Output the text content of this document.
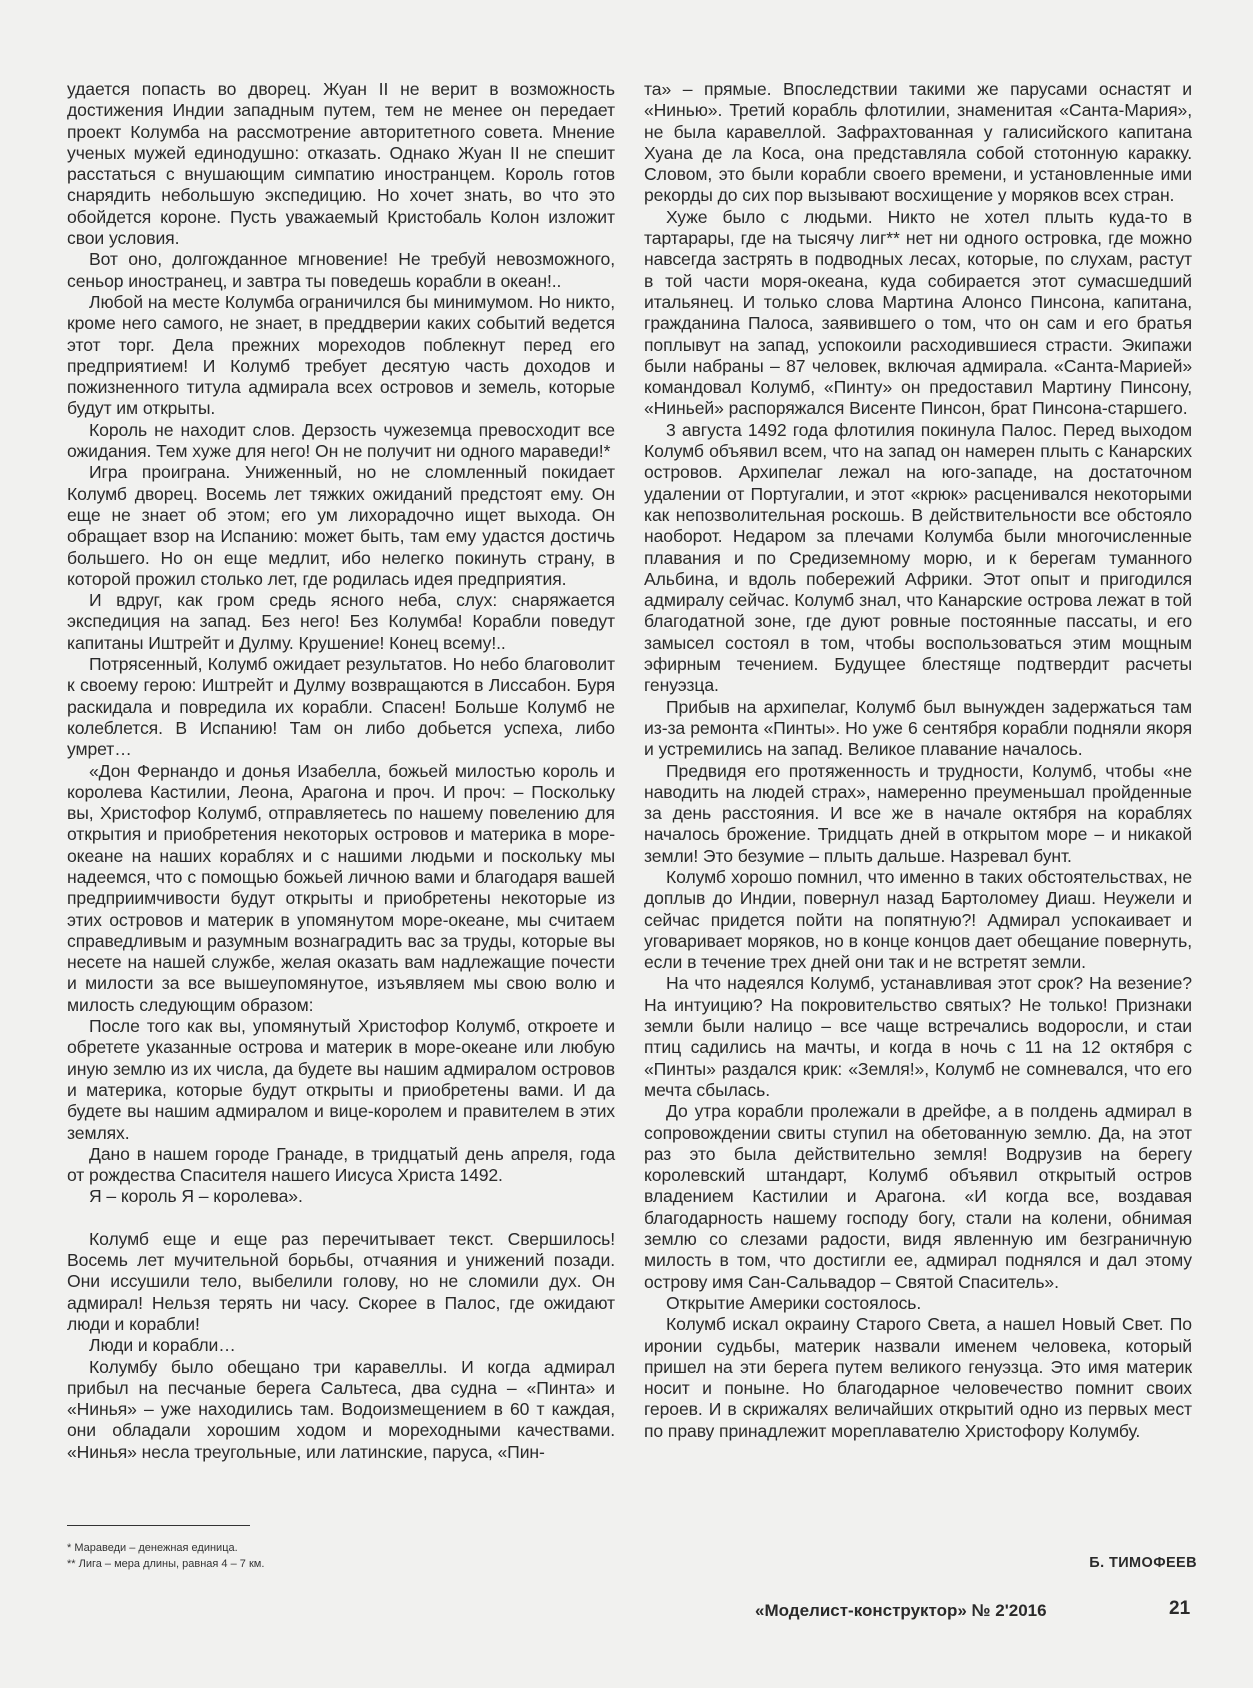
удается попасть во дворец. Жуан II не верит в возможность достижения Индии западным путем, тем не менее он передает проект Колумба на рассмотрение авторитетного совета. Мнение ученых мужей единодушно: отказать. Однако Жуан II не спешит расстаться с внушающим симпатию иностранцем. Король готов снарядить небольшую экспедицию. Но хочет знать, во что это обойдется короне. Пусть уважаемый Кристобаль Колон изложит свои условия.

Вот оно, долгожданное мгновение! Не требуй невозможного, сеньор иностранец, и завтра ты поведешь корабли в океан!..

Любой на месте Колумба ограничился бы минимумом. Но никто, кроме него самого, не знает, в преддверии каких событий ведется этот торг. Дела прежних мореходов поблекнут перед его предприятием! И Колумб требует десятую часть доходов и пожизненного титула адмирала всех островов и земель, которые будут им открыты.

Король не находит слов. Дерзость чужеземца превосходит все ожидания. Тем хуже для него! Он не получит ни одного мараведи!*

Игра проиграна. Униженный, но не сломленный покидает Колумб дворец. Восемь лет тяжких ожиданий предстоят ему. Он еще не знает об этом; его ум лихорадочно ищет выхода. Он обращает взор на Испанию: может быть, там ему удастся достичь большего. Но он еще медлит, ибо нелегко покинуть страну, в которой прожил столько лет, где родилась идея предприятия.

И вдруг, как гром средь ясного неба, слух: снаряжается экспедиция на запад. Без него! Без Колумба! Корабли поведут капитаны Иштрейт и Дулму. Крушение! Конец всему!..

Потрясенный, Колумб ожидает результатов. Но небо благоволит к своему герою: Иштрейт и Дулму возвращаются в Лиссабон. Буря раскидала и повредила их корабли. Спасен! Больше Колумб не колеблется. В Испанию! Там он либо добьется успеха, либо умрет…

«Дон Фернандо и донья Изабелла, божьей милостью король и королева Кастилии, Леона, Арагона и проч. И проч: – Поскольку вы, Христофор Колумб, отправляетесь по нашему повелению для открытия и приобретения некоторых островов и материка в море-океане на наших кораблях и с нашими людьми и поскольку мы надеемся, что с помощью божьей личною вами и благодаря вашей предприимчивости будут открыты и приобретены некоторые из этих островов и материк в упомянутом море-океане, мы считаем справедливым и разумным вознаградить вас за труды, которые вы несете на нашей службе, желая оказать вам надлежащие почести и милости за все вышеупомянутое, изъявляем мы свою волю и милость следующим образом:

После того как вы, упомянутый Христофор Колумб, откроете и обретете указанные острова и материк в море-океане или любую иную землю из их числа, да будете вы нашим адмиралом островов и материка, которые будут открыты и приобретены вами. И да будете вы нашим адмиралом и вице-королем и правителем в этих землях.

Дано в нашем городе Гранаде, в тридцатый день апреля, года от рождества Спасителя нашего Иисуса Христа 1492.

Я – король Я – королева».

Колумб еще и еще раз перечитывает текст. Свершилось! Восемь лет мучительной борьбы, отчаяния и унижений позади. Они иссушили тело, выбелили голову, но не сломили дух. Он адмирал! Нельзя терять ни часу. Скорее в Палос, где ожидают люди и корабли!

Люди и корабли…

Колумбу было обещано три каравеллы. И когда адмирал прибыл на песчаные берега Сальтеса, два судна – «Пинта» и «Нинья» – уже находились там. Водоизмещением в 60 т каждая, они обладали хорошим ходом и мореходными качествами. «Нинья» несла треугольные, или латинские, паруса, «Пин-

та» – прямые. Впоследствии такими же парусами оснастят и «Нинью». Третий корабль флотилии, знаменитая «Санта-Мария», не была каравеллой. Зафрахтованная у галисийского капитана Хуана де ла Коса, она представляла собой стотонную каракку. Словом, это были корабли своего времени, и установленные ими рекорды до сих пор вызывают восхищение у моряков всех стран.

Хуже было с людьми. Никто не хотел плыть куда-то в тартарары, где на тысячу лиг** нет ни одного островка, где можно навсегда застрять в подводных лесах, которые, по слухам, растут в той части моря-океана, куда собирается этот сумасшедший итальянец. И только слова Мартина Алонсо Пинсона, капитана, гражданина Палоса, заявившего о том, что он сам и его братья поплывут на запад, успокоили расходившиеся страсти. Экипажи были набраны – 87 человек, включая адмирала. «Санта-Марией» командовал Колумб, «Пинту» он предоставил Мартину Пинсону, «Ниньей» распоряжался Висенте Пинсон, брат Пинсона-старшего.

3 августа 1492 года флотилия покинула Палос. Перед выходом Колумб объявил всем, что на запад он намерен плыть с Канарских островов. Архипелаг лежал на юго-западе, на достаточном удалении от Португалии, и этот «крюк» расценивался некоторыми как непозволительная роскошь. В действительности все обстояло наоборот. Недаром за плечами Колумба были многочисленные плавания и по Средиземному морю, и к берегам туманного Альбина, и вдоль побережий Африки. Этот опыт и пригодился адмиралу сейчас. Колумб знал, что Канарские острова лежат в той благодатной зоне, где дуют ровные постоянные пассаты, и его замысел состоял в том, чтобы воспользоваться этим мощным эфирным течением. Будущее блестяще подтвердит расчеты генуэзца.

Прибыв на архипелаг, Колумб был вынужден задержаться там из-за ремонта «Пинты». Но уже 6 сентября корабли подняли якоря и устремились на запад. Великое плавание началось.

Предвидя его протяженность и трудности, Колумб, чтобы «не наводить на людей страх», намеренно преуменьшал пройденные за день расстояния. И все же в начале октября на кораблях началось брожение. Тридцать дней в открытом море – и никакой земли! Это безумие – плыть дальше. Назревал бунт.

Колумб хорошо помнил, что именно в таких обстоятельствах, не доплыв до Индии, повернул назад Бартоломеу Диаш. Неужели и сейчас придется пойти на попятную?! Адмирал успокаивает и уговаривает моряков, но в конце концов дает обещание повернуть, если в течение трех дней они так и не встретят земли.

На что надеялся Колумб, устанавливая этот срок? На везение? На интуицию? На покровительство святых? Не только! Признаки земли были налицо – все чаще встречались водоросли, и стаи птиц садились на мачты, и когда в ночь с 11 на 12 октября с «Пинты» раздался крик: «Земля!», Колумб не сомневался, что его мечта сбылась.

До утра корабли пролежали в дрейфе, а в полдень адмирал в сопровождении свиты ступил на обетованную землю. Да, на этот раз это была действительно земля! Водрузив на берегу королевский штандарт, Колумб объявил открытый остров владением Кастилии и Арагона. «И когда все, воздавая благодарность нашему господу богу, стали на колени, обнимая землю со слезами радости, видя явленную им безграничную милость в том, что достигли ее, адмирал поднялся и дал этому острову имя Сан-Сальвадор – Святой Спаситель».

Открытие Америки состоялось.

Колумб искал окраину Старого Света, а нашел Новый Свет. По иронии судьбы, материк назвали именем человека, который пришел на эти берега путем великого генуэзца. Это имя материк носит и поныне. Но благодарное человечество помнит своих героев. И в скрижалях величайших открытий одно из первых мест по праву принадлежит мореплавателю Христофору Колумбу.

* Мараведи – денежная единица.
** Лига – мера длины, равная 4 – 7 км.	Б. ТИМОФЕЕВ
«Моделист-конструктор» № 2'2016	21
